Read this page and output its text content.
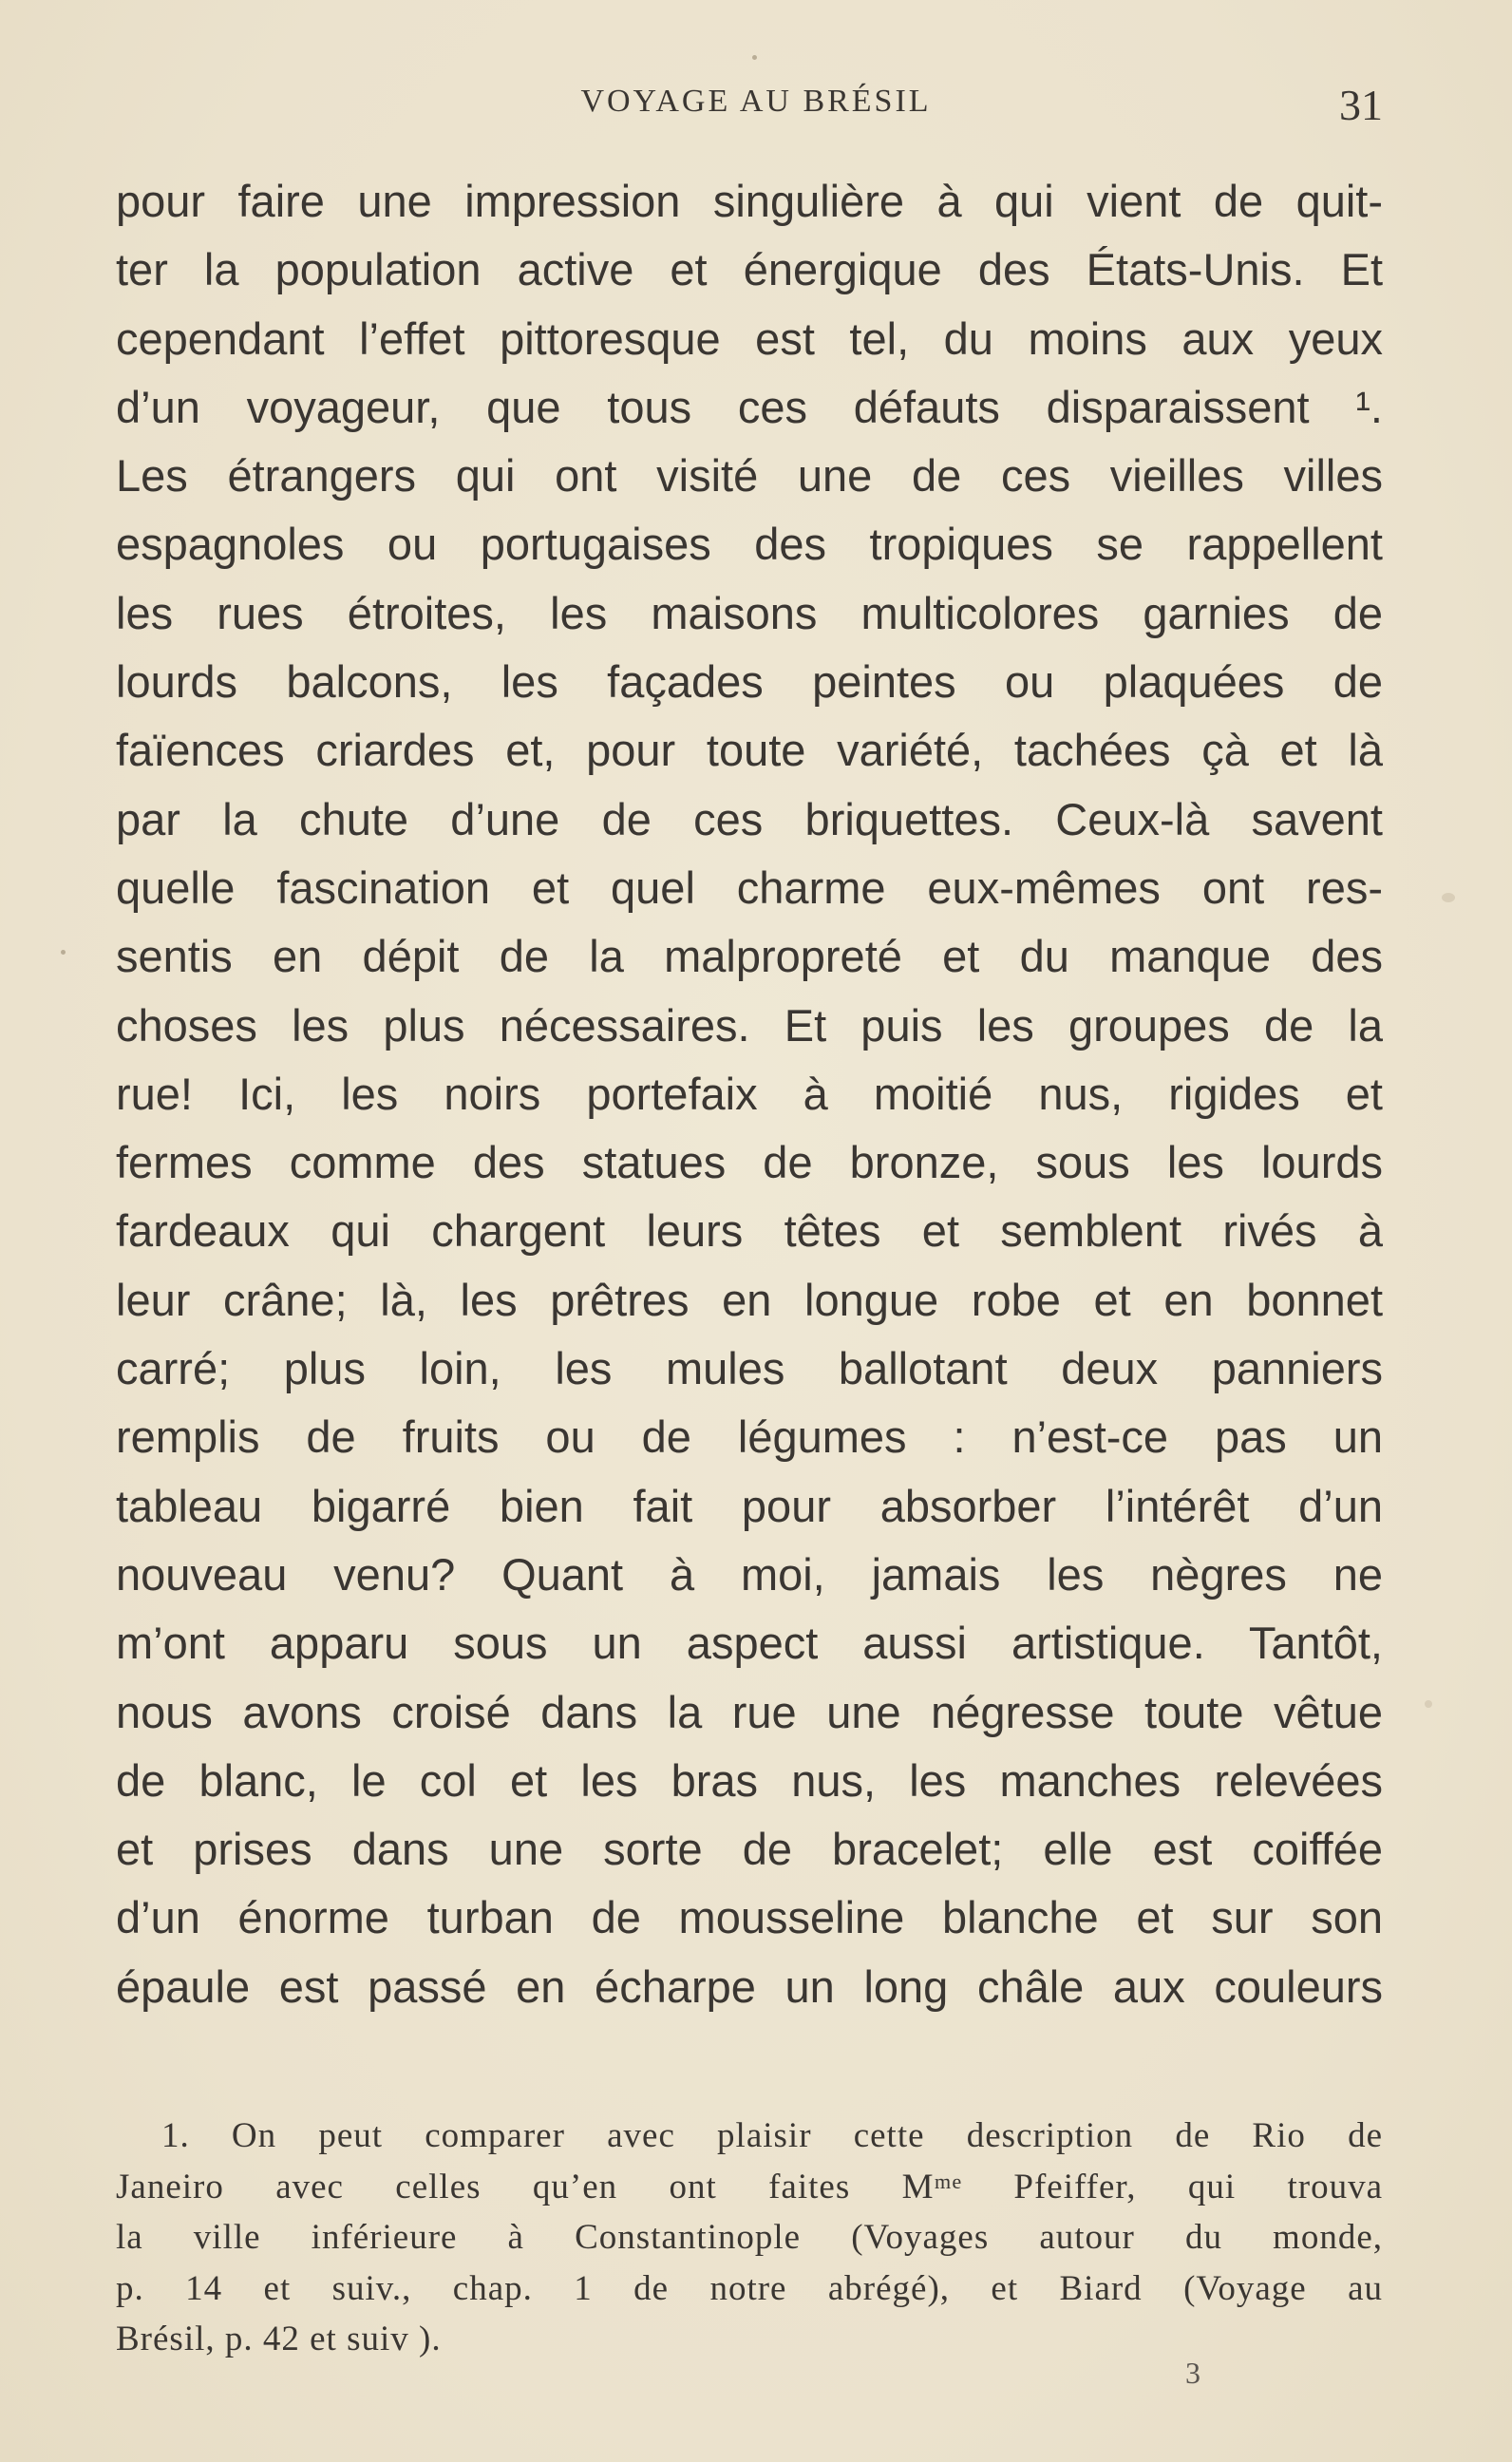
VOYAGE AU BRÉSIL	31
pour faire une impression singulière à qui vient de quit-
ter la population active et énergique des États-Unis. Et
cependant l’effet pittoresque est tel, du moins aux yeux
d’un voyageur, que tous ces défauts disparaissent ¹.
Les étrangers qui ont visité une de ces vieilles villes
espagnoles ou portugaises des tropiques se rappellent
les rues étroites, les maisons multicolores garnies de
lourds balcons, les façades peintes ou plaquées de
faïences criardes et, pour toute variété, tachées çà et là
par la chute d’une de ces briquettes. Ceux-là savent
quelle fascination et quel charme eux-mêmes ont res-
sentis en dépit de la malpropreté et du manque des
choses les plus nécessaires. Et puis les groupes de la
rue! Ici, les noirs portefaix à moitié nus, rigides et
fermes comme des statues de bronze, sous les lourds
fardeaux qui chargent leurs têtes et semblent rivés à
leur crâne; là, les prêtres en longue robe et en bonnet
carré; plus loin, les mules ballotant deux panniers
remplis de fruits ou de légumes : n’est-ce pas un
tableau bigarré bien fait pour absorber l’intérêt d’un
nouveau venu? Quant à moi, jamais les nègres ne
m’ont apparu sous un aspect aussi artistique. Tantôt,
nous avons croisé dans la rue une négresse toute vêtue
de blanc, le col et les bras nus, les manches relevées
et prises dans une sorte de bracelet; elle est coiffée
d’un énorme turban de mousseline blanche et sur son
épaule est passé en écharpe un long châle aux couleurs
1. On peut comparer avec plaisir cette description de Rio de
Janeiro avec celles qu’en ont faites Mᵐᵉ Pfeiffer, qui trouva
la ville inférieure à Constantinople (Voyages autour du monde,
p. 14 et suiv., chap. 1 de notre abrégé), et Biard (Voyage au
Brésil, p. 42 et suiv ).
3
